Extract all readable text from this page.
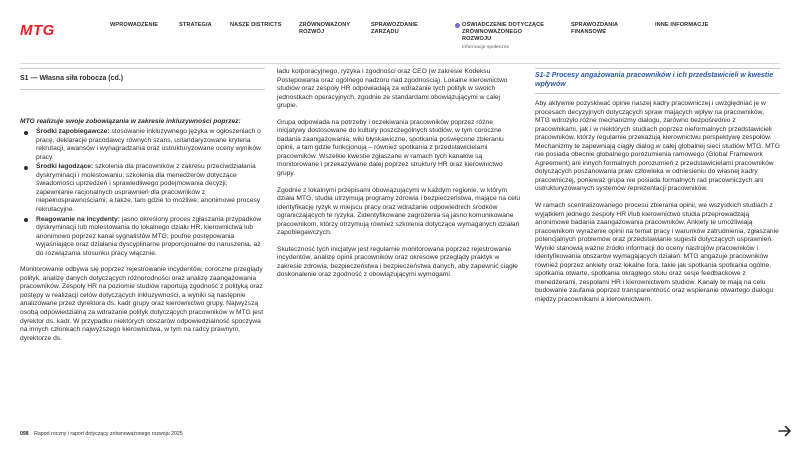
MTG	WPROWADZENIE	STRATEGIA	NASZE DISTRICTS	ZRÓWNOWAŻONY ROZWÓJ
SPRAWOZDANIE ZARZĄDU
OŚWIADCZENIE DOTYCZĄCE ZRÓWNOWAŻONEGO ROZWOJU
Informacje społeczne
SPRAWOZDANIA FINANSOWE
INNE INFORMACJE
S1 — Własna siła robocza (cd.)

MTG realizuje swoje zobowiązania w zakresie inkluzywności poprzez:

Środki zapobiegawcze: stosowanie inkluzywnego języka w ogłoszeniach o pracę, deklaracje pracodawcy równych szans, ustandaryzowane kryteria rekrutacji, awansów i wynagradzania oraz ustrukturyzowane oceny wyników pracy.
Środki łagodzące: szkolenia dla pracowników z zakresu przeciwdziałania dyskryminacji i molestowaniu; szkolenia dla menedżerów dotyczące świadomości uprzedzeń i sprawiedliwego podejmowania decyzji; zapewnianie racjonalnych usprawnień dla pracowników z niepełnosprawnościami; a także, tam gdzie to możliwe, anonimowe procesy rekrutacyjne.
Reagowanie na incydenty: jasno określony proces zgłaszania przypadków dyskryminacji lub molestowania do lokalnego działu HR, kierownictwa lub anonimowo poprzez kanał sygnalistów MTG; poufne postępowania wyjaśniające oraz działania dyscyplinarne proporcjonalne do naruszenia, aż do rozwiązania stosunku pracy włącznie.

Monitorowanie odbywa się poprzez rejestrowanie incydentów, coroczne przeglądy polityk, analizę danych dotyczących różnorodności oraz analizę zaangażowania pracowników. Zespoły HR na poziomie studiów raportują zgodność z polityką oraz postępy w realizacji celów dotyczących inkluzywności, a wyniki są następnie analizowane przez dyrektora ds. kadr grupy oraz kierownictwo grupy. Najwyższą osobą odpowiedzialną za wdrażanie polityk dotyczących pracowników w MTG jest dyrektor ds. kadr. W przypadku niektórych obszarów odpowiedzialność spoczywa na innych członkach najwyższego kierownictwa, w tym na radcy prawnym, dyrektorze ds.

ładu korporacyjnego, ryzyka i zgodności oraz CEO (w zakresie Kodeksu Postępowania oraz ogólnego nadzoru nad zgodnością). Lokalne kierownictwo studiów oraz zespoły HR odpowiadają za wdrażanie tych polityk w swoich jednostkach operacyjnych, zgodnie ze standardami obowiązującymi w całej grupie.

Grupa odpowiada na potrzeby i oczekiwania pracowników poprzez różne inicjatywy dostosowane do kultury poszczególnych studiów, w tym coroczne badania zaangażowania, wiki błyskawiczne, spotkania poświęcone zbieraniu opinii, a tam gdzie funkcjonują – również spotkania z przedstawicielami pracowników. Wszelkie kwestie zgłaszane w ramach tych kanałów są monitorowane i przekazywane dalej poprzez struktury HR oraz kierownictwo grupy.

Zgodnie z lokalnymi przepisami obowiązującymi w każdym regionie, w którym działa MTG, studia utrzymują programy zdrowia i bezpieczeństwa, mające na celu identyfikację ryzyk w miejscu pracy oraz wdrażanie odpowiednich środków ograniczających te ryzyka. Zidentyfikowane zagrożenia są jasno komunikowane pracownikom, którzy otrzymują również szkolenia dotyczące wymaganych działań zapobiegawczych.

Skuteczność tych inicjatyw jest regularnie monitorowana poprzez rejestrowanie incydentów, analizę opinii pracowników oraz okresowe przeglądy praktyk w zakresie zdrowia, bezpieczeństwa i bezpieczeństwa danych, aby zapewnić ciągłe doskonalenie oraz zgodność z obowiązującymi wymogami.

S1-2 Procesy angażowania pracowników i ich przedstawicieli w kwestie wpływów

Aby aktywnie pozyskiwać opinie naszej kadry pracowniczej i uwzględniać je w procesach decyzyjnych dotyczących spraw mających wpływ na pracowników, MTG wdrożyło różne mechanizmy dialogu, zarówno bezpośrednio z pracownikami, jak i w niektórych studiach poprzez nieformalnych przedstawicieli pracowników, którzy regularnie przekazują kierownictwu perspektywę zespołów. Mechanizmy te zapewniają ciągły dialog w całej globalnej sieci studiów MTG. MTG nie posiada obecnie globalnego porozumienia ramowego (Global Framework Agreement) ani innych formalnych porozumień z przedstawicielami pracowników dotyczących poszanowania praw człowieka w odniesieniu do własnej kadry pracowniczej, ponieważ grupa nie posiada formalnych rad pracowniczych ani ustrukturyzowanych systemów reprezentacji pracowników.

W ramach scentralizowanego procesu zbierania opinii, we wszystkich studiach z wyjątkiem jednego zespoły HR i/lub kierownictwo studia przeprowadzają anonimowe badania zaangażowania pracowników. Ankiety te umożliwiają pracownikom wyrażenie opinii na temat pracy i warunków zatrudnienia, zgłaszanie potencjalnych problemów oraz przedstawianie sugestii dotyczących usprawnień. Wyniki stanowią ważne źródło informacji do oceny nastrojów pracowników i identyfikowania obszarów wymagających działań. MTG angażuje pracowników również poprzez ankiety oraz lokalne fora, takie jak spotkania spotkania ogólne, spotkania otwarte, spotkania okrągłego stołu oraz sesje feedbackowe z menedżerami, zespołami HR i kierownictwem studiów. Kanały te mają na celu budowanie zaufania poprzez transparentność oraz wspieranie otwartego dialogu między pracownikami a kierownictwem.

098 Raport roczny i raport dotyczący zrównoważonego rozwoju 2025
